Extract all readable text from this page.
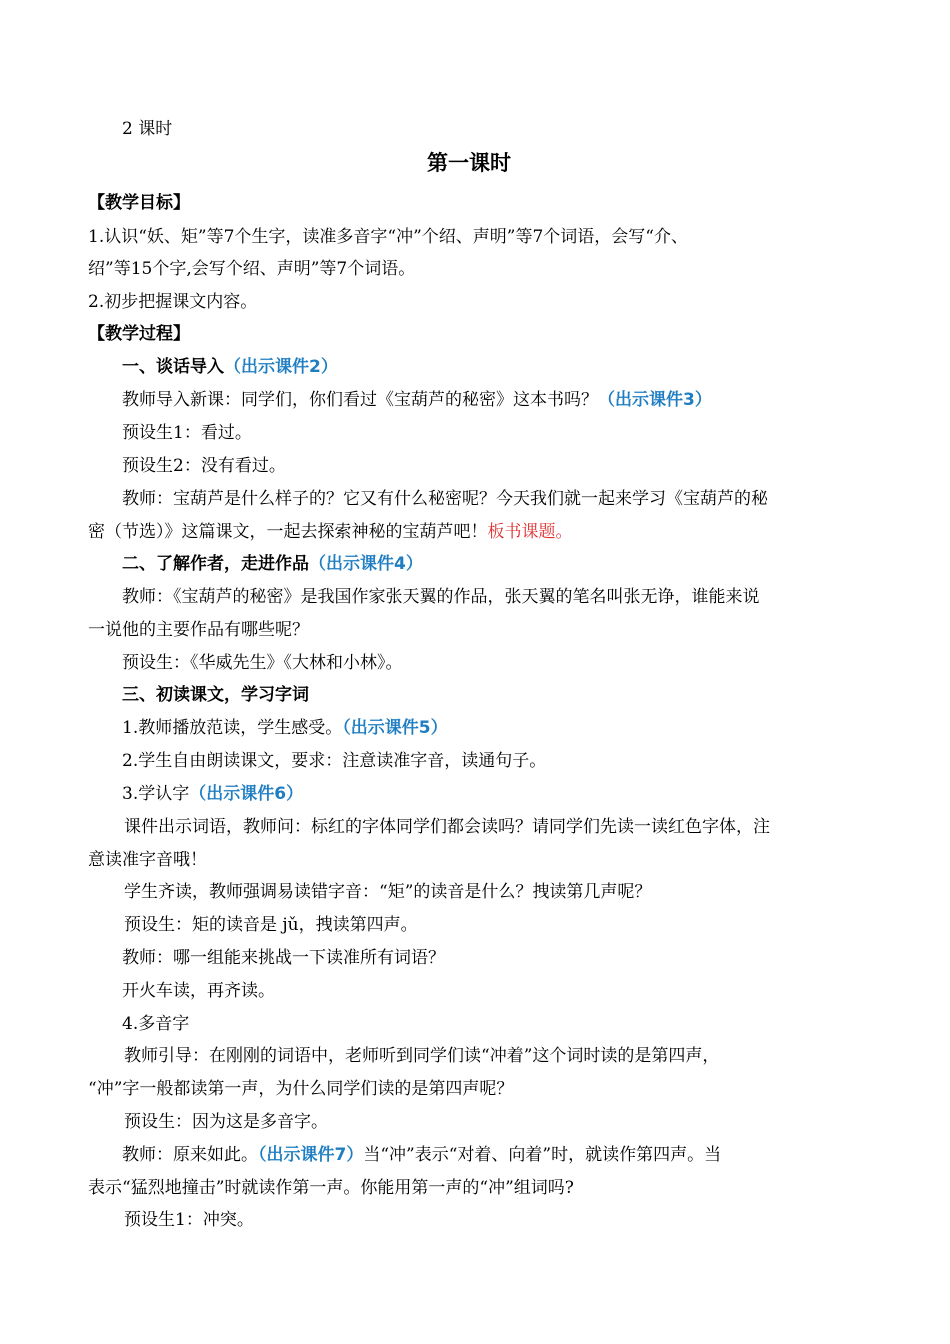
2 课时
第一课时
【教学目标】
1.认识“妖、矩”等7个生字，读准多音字“冲”个绍、声明”等7个词语，会写“介、
绍”等15个字,会写个绍、声明”等7个词语。
2.初步把握课文内容。
【教学过程】
一、谈话导入（出示课件2）
教师导入新课：同学们，你们看过《宝葫芦的秘密》这本书吗？（出示课件3）
预设生1：看过。
预设生2：没有看过。
教师：宝葫芦是什么样子的？它又有什么秘密呢？今天我们就一起来学习《宝葫芦的秘
密（节选）》这篇课文，一起去探索神秘的宝葫芦吧！板书课题。
二、了解作者，走进作品（出示课件4）
教师：《宝葫芦的秘密》是我国作家张天翼的作品，张天翼的笔名叫张无诤，谁能来说
一说他的主要作品有哪些呢？
预设生：《华威先生》《大林和小林》。
三、初读课文，学习字词
1.教师播放范读，学生感受。（出示课件5）
2.学生自由朗读课文，要求：注意读准字音，读通句子。
3.学认字（出示课件6）
课件出示词语，教师问：标红的字体同学们都会读吗？请同学们先读一读红色字体，注
意读准字音哦！
学生齐读，教师强调易读错字音：“矩”的读音是什么？拽读第几声呢？
预设生：矩的读音是 jǔ，拽读第四声。
教师：哪一组能来挑战一下读准所有词语？
开火车读，再齐读。
4.多音字
教师引导：在刚刚的词语中，老师听到同学们读“冲着”这个词时读的是第四声，
“冲”字一般都读第一声，为什么同学们读的是第四声呢？
预设生：因为这是多音字。
教师：原来如此。（出示课件7）当“冲”表示“对着、向着”时，就读作第四声。当
表示“猛烈地撞击”时就读作第一声。你能用第一声的“冲”组词吗?
预设生1：冲突。
